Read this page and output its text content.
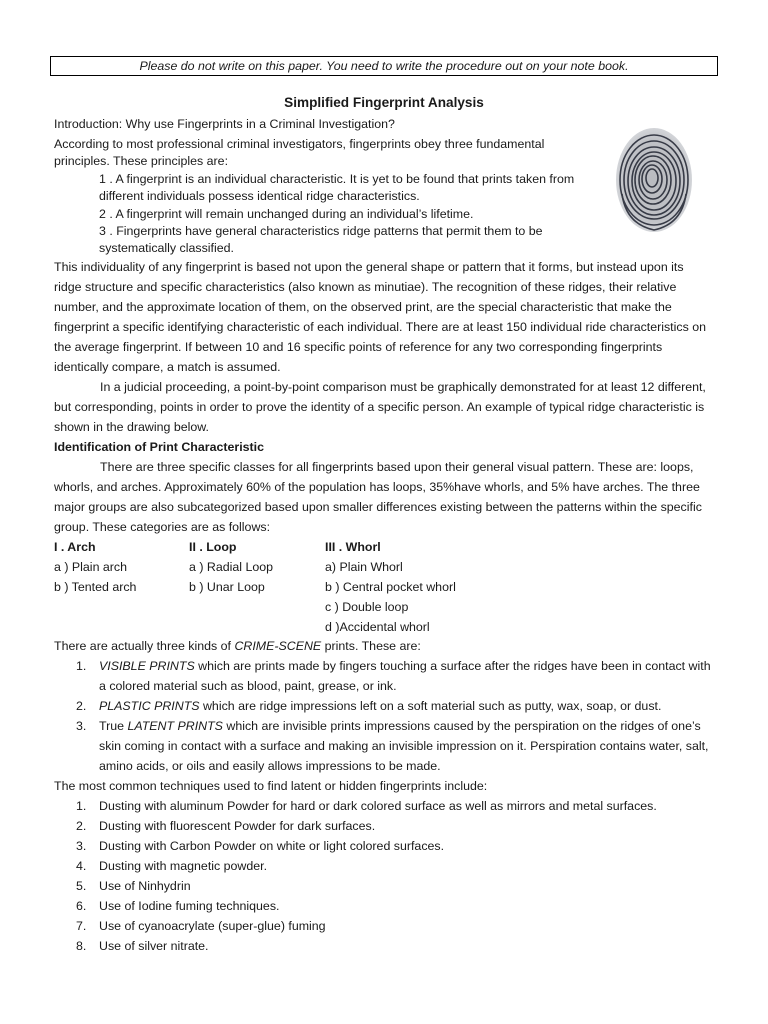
Please do not write on this paper. You need to write the procedure out on your note book.
Simplified Fingerprint Analysis
Introduction: Why use Fingerprints in a Criminal Investigation?
According to most professional criminal investigators, fingerprints obey three fundamental
principles. These principles are:
1 . A fingerprint is an individual characteristic. It is yet to be found that prints taken from
different individuals possess identical ridge characteristics.
2 . A fingerprint will remain unchanged during an individual’s lifetime.
3 . Fingerprints have general characteristics ridge patterns that permit them to be
systematically classified.
This individuality of any fingerprint is based not upon the general shape or pattern that it forms, but instead upon its ridge structure and specific characteristics (also known as minutiae). The recognition of these ridges, their relative number, and the approximate location of them, on the observed print, are the special characteristic that make the fingerprint a specific identifying characteristic of each individual. There are at least 150 individual ride characteristics on the average fingerprint. If between 10 and 16 specific points of reference for any two corresponding fingerprints identically compare, a match is assumed.
In a judicial proceeding, a point-by-point comparison must be graphically demonstrated for at least 12 different, but corresponding, points in order to prove the identity of a specific person. An example of typical ridge characteristic is shown in the drawing below.
Identification of Print Characteristic
There are three specific classes for all fingerprints based upon their general visual pattern. These are: loops, whorls, and arches. Approximately 60% of the population has loops, 35%have whorls, and 5% have arches. The three major groups are also subcategorized based upon smaller differences existing between the patterns within the specific group. These categories are as follows:
I . Arch
a ) Plain arch
b ) Tented arch
II . Loop
a ) Radial Loop
b ) Unar Loop
III . Whorl
a) Plain Whorl
b ) Central pocket whorl
c ) Double loop
d )Accidental whorl
There are actually three kinds of CRIME-SCENE prints. These are:
1. VISIBLE PRINTS which are prints made by fingers touching a surface after the ridges have been in contact with a colored material such as blood, paint, grease, or ink.
2. PLASTIC PRINTS which are ridge impressions left on a soft material such as putty, wax, soap, or dust.
3. True LATENT PRINTS which are invisible prints impressions caused by the perspiration on the ridges of one’s skin coming in contact with a surface and making an invisible impression on it. Perspiration contains water, salt, amino acids, or oils and easily allows impressions to be made.
The most common techniques used to find latent or hidden fingerprints include:
1. Dusting with aluminum Powder for hard or dark colored surface as well as mirrors and metal surfaces.
2. Dusting with fluorescent Powder for dark surfaces.
3. Dusting with Carbon Powder on white or light colored surfaces.
4. Dusting with magnetic powder.
5. Use of Ninhydrin
6. Use of Iodine fuming techniques.
7. Use of cyanoacrylate (super-glue) fuming
8. Use of silver nitrate.
